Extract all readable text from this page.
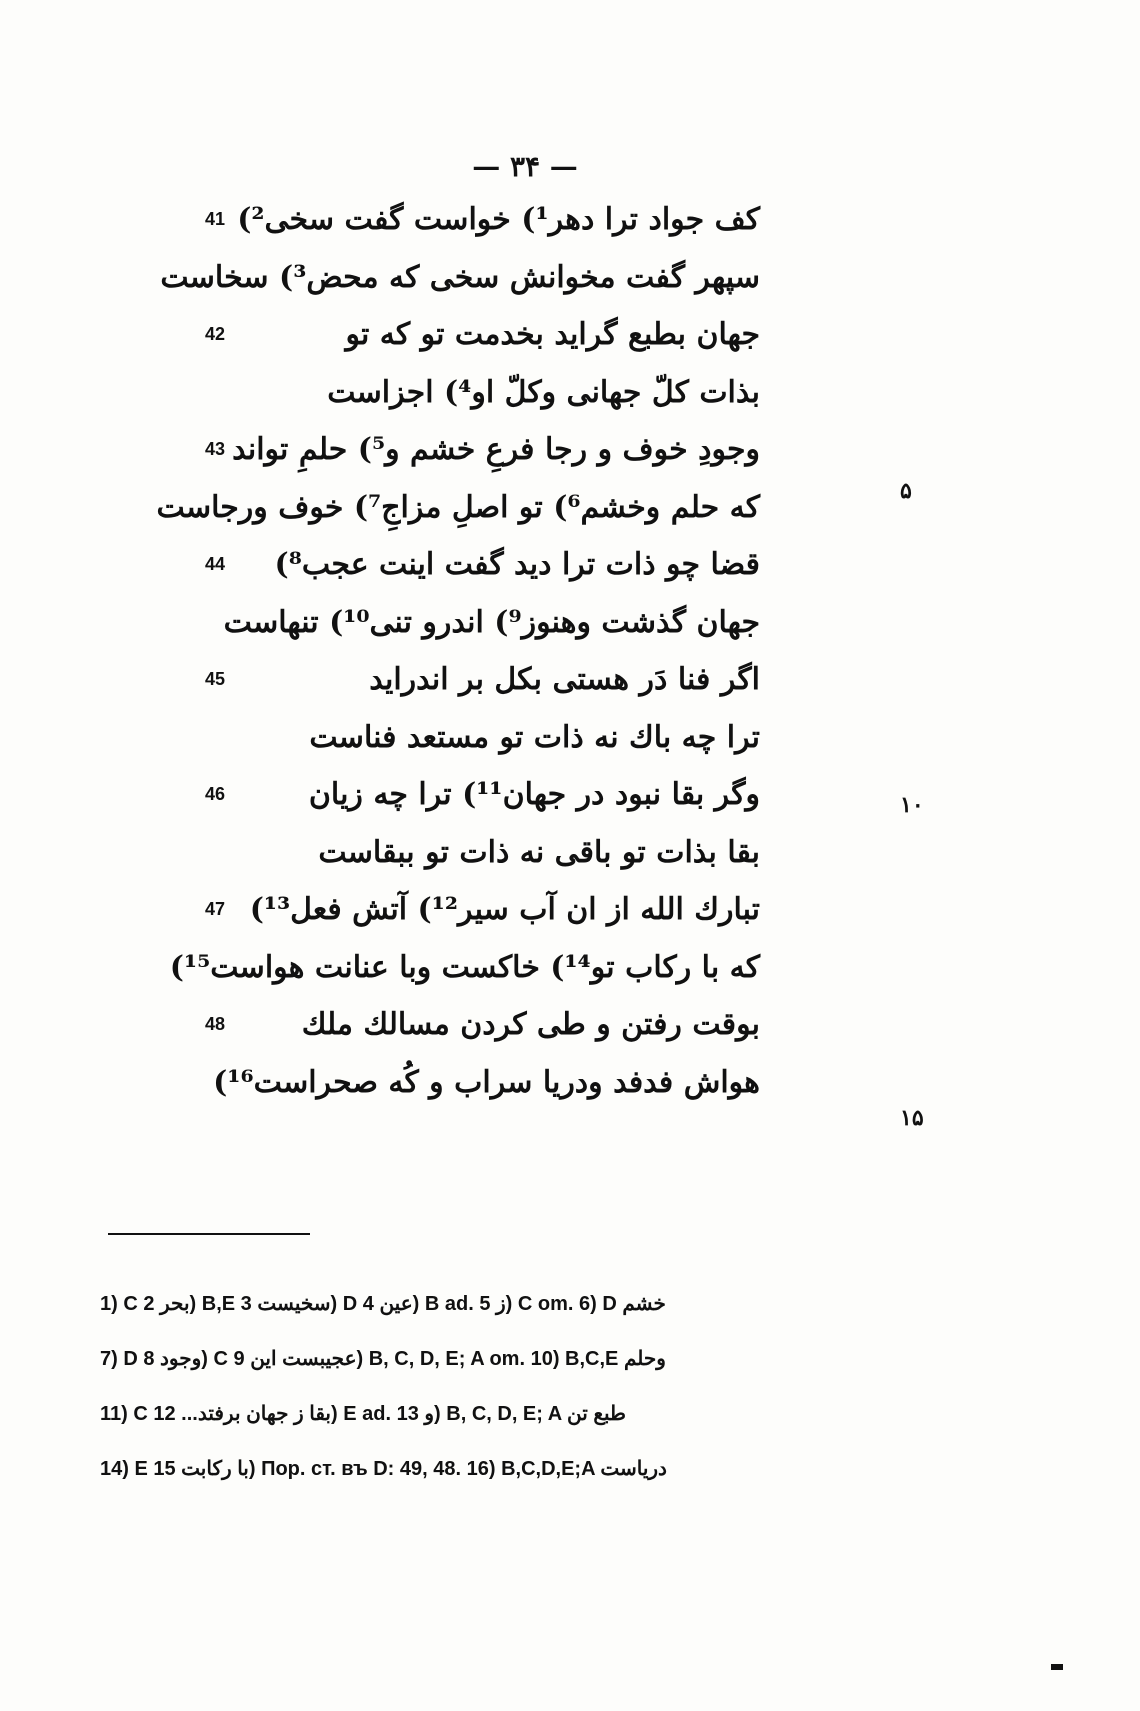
— ۳۴ —
41 کف جواد ترا دهر¹) خواست گفت سخی²)
سپهر گفت مخوانش سخی که محض³) سخاست
42	جهان بطبع گراید بخدمت تو که تو
بذات کلّ جهانی وکلّ او⁴) اجزاست
43 وجودِ خوف و رجا فرعِ خشم و⁵) حلمِ تواند
که حلم وخشم⁶) تو اصلِ مزاجِ⁷) خوف ورجاست
44	قضا چو ذات ترا دید گفت اینت عجب⁸)
جهان گذشت وهنوز⁹) اندرو تنی¹⁰) تنهاست
45	اگر فنا دَر هستی بکل بر اندراید
ترا چه باك نه ذات تو مستعد فناست
46	وگر بقا نبود در جهان¹¹) ترا چه زیان
بقا بذات تو باقی نه ذات تو ببقاست
47 تبارك الله از ان آب سیر¹²) آتش فعل¹³)
که با رکاب تو¹⁴) خاکست وبا عنانت هواست¹⁵)
48	بوقت رفتن و طی کردن مسالك ملك
هواش فدفد ودریا سراب و کُه صحراست¹⁶)
۵
۱۰
۱۵
1) C بحر 2) B,E سخیست 3) D عین 4) B ad. ز 5) C om. 6) D خشم
7) D وجود 8) C عجیبست این 9) B, C, D, E; A om. 10) B,C,E وحلم
11) C بقا ز جهان برفتد... 12) E ad. و 13) B, C, D, E; A طبع تن
14) E با رکابت 15) Пор. ст. въ D: 49, 48. 16) B,C,D,E;A دریاست
